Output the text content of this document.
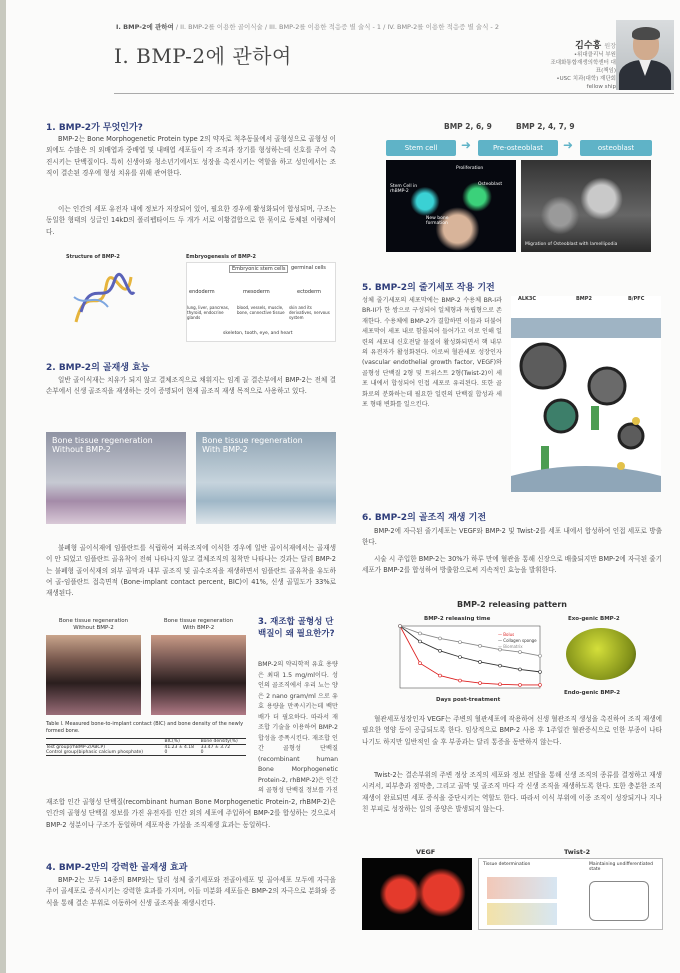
I. BMP-2에 관하여 / II. BMP-2를 이용한 골이식술 / III. BMP-2를 이용한 적응증 별 술식 - 1 / IV. BMP-2를 이용한 적응증 별 술식 - 2
I. BMP-2에 관하여	김수홍 원장
•위대클리닉 부원
조대화통합재생의학센터 대표(책임)
•USC 치과(대학) 재단회 fellow ship
1. BMP-2가 무엇인가?
BMP-2는 Bone Morphogenetic Protein type 2의 약자로 척추동물에서 골형성으로 골형성 이외에도 수많은 의 외배엽과 중배엽 및 내배엽 세포들이 각 조직과 장기를 형성하는데 신호를 주어 촉진시키는 단백질이다. 특히 신생아와 청소년기에서도 성장을 촉진시키는 역할을 하고 성인에서는 조직이 결손된 경우에 형성 치유를 위해 관여한다.
이는 인간의 세포 유전자 내에 정보가 저장되어 있어, 필요한 경우에 활성화되어 합성되며, 구조는 동일한 형태의 싱글인 14kD의 폴리펩타이드 두 개가 서로 이황결합으로 한 묶이로 동체된 이량체이다.
Structure of BMP-2	Embryogenesis of BMP-2
Embryonic stem cells	germinal cells
endoderm	mesoderm	ectoderm
lung, liver, pancreas, thyroid, endocrine glands
blood, vessels, muscle, bone, connective tissue
skin and its derivatives, nervous system
skeleton, tooth, eye, and heart
2. BMP-2의 골재생 효능
일반 골이식재는 치유가 되지 않고 결체조직으로 채워지는 임계 골 결손부에서 BMP-2는 전체 결손부에서 신생 골조직을 재생하는 것이 증명되어 현재 골조직 재생 목적으로 사용하고 있다.
Bone tissue regeneration
Without BMP-2
Bone tissue regeneration
With BMP-2
불폐형 골이식재에 임플란트를 식립하여 피하조직에 이식한 경우에 일반 골이식재에서는 골재생이 안 되었고 임플란트 골유착이 전혀 나타나지 않고 결체조직의 침착만 나타나는 것과는 달리 BMP-2는 불폐형 골이식재의 외부 골막과 내부 골조직 및 골수조직을 재생하면서 임플란트 골유착을 유도하여 골-임플란트 접촉면적 (Bone-implant contact percent, BIC)이 41%, 신생 골밀도가 33%로 재생된다.
Bone tissue regeneration
Without BMP-2
Bone tissue regeneration
With BMP-2
Table I. Measured bone-to-implant contact (BIC) and bone density of the newly formed bone.
	BIC(%)	Bone density(%)
Test group(rhBMP-2/ABCP)	41.23 ± 4.18	33.47 ± 3.72
Control group(biphasic calcium phosphate)	0	0
3. 재조합 골형성 단백질이 왜 필요한가?
BMP-2의 약리학적 유효 용량은 최대 1.5 mg/ml이다. 성인의 골조직에서 우리 뇨는 양은 2 nano gram/ml 으로 유효 용량을 만족시키는데 백만 배가 더 필요하다. 따라서 재조합 기술을 이용하여 BMP-2 합성을 증폭시킨다. 재조합 인간 골형성 단백질(recombinant human Bone Morphogenetic Protein-2, rhBMP-2)은 인간의 골형성 단백질 정보를 가진
재조합 인간 골형성 단백질(recombinant human Bone Morphogenetic Protein-2, rhBMP-2)은 인간의 골형성 단백질 정보를 가진 유전자를 인간 외의 세포에 주입하여 BMP-2를 합성하는 것으로서 BMP-2 성분이나 구조가 동일하며 세포작용 가설을 조직재생 효과는 동일하다.
4. BMP-2만의 강력한 골재생 효과
BMP-2는 모두 14종의 BMP와는 달리 성체 줄기세포와 전골아세포 및 골아세포 모두에 자극을 주어 골세포로 증식시키는 강력한 효과를 가지며, 이들 미분화 세포들은 BMP-2의 자극으로 분화와 증식을 통해 결손 부위로 이동하여 신생 골조직을 재생시킨다.
BMP 2, 6, 9	BMP 2, 4, 7, 9
Stem cell	➜	Pre-osteoblast	➜	osteoblast
Proliferation
Stem Cell in rhBMP-2
Osteoblast
New bone formation
Migration of Osteoblast with lamellipodia
5. BMP-2의 줄기세포 작용 기전
성체 줄기세포의 세포막에는 BMP-2 수용체 BR-I과 BR-II가 한 쌍으로 구성되어 일체형과 독립형으로 존재한다. 수용체에 BMP-2가 결합하면 이들과 더불어 세포막이 세포 내로 함몰되어 들어가고 이로 인해 일련의 세포내 신호전달 물질이 활성화되면서 핵 내부의 유전자가 활성화된다. 이로써 혈관세포 성장인자(vascular endothelial growth factor, VEGF)와 골형성 단백질 2형 및 트위스트 2형(Twist-2)이 세포 내에서 합성되어 인접 세포로 유리된다. 또한 골화로의 분화하는데 필요한 일련의 단백질 합성과 세포 형태 변화를 일으킨다.
ALK3C	BMP2	B/PFC
6. BMP-2의 골조직 재생 기전
BMP-2에 자극된 줄기세포는 VEGF와 BMP-2 및 Twist-2를 세포 내에서 합성하여 인접 세포로 방출한다.
시술 시 주입한 BMP-2는 30%가 하루 만에 혈관을 통해 신장으로 배출되지만 BMP-2에 자극된 줄기세포가 BMP-2를 합성하여 방출함으로써 지속적인 효능을 발휘한다.
BMP-2 releasing pattern
— Bolus
— Collagen sponge
— Biomatrix
BMP-2 releasing time
Days post-treatment
Exo-genic BMP-2
Endo-genic BMP-2
혈관세포성장인자 VEGF는 주변의 혈관세포에 작용하여 신생 혈관조직 생성을 촉진하여 조직 재생에 필요한 영양 등이 공급되도록 한다. 임상적으로 BMP-2 사용 후 1주일간 혈관증식으로 인한 부종이 나타나기도 하지만 일반적인 술 후 부종과는 달리 통증을 동반하지 않는다.
Twist-2는 결손부위의 주변 정상 조직의 세포와 정보 전달을 통해 신생 조직의 종류를 결정하고 재생시켜서, 피부층과 점막층, 그리고 골막 및 골조직 마다 각 신생 조직을 재생하도록 한다. 또한 충분한 조직재생이 완료되면 세포 증식을 중단시키는 역할도 한다. 따라서 이식 부위에 이종 조직이 성장되거나 지나친 부피로 성장하는 일의 종양은 발생되지 않는다.
VEGF	Twist-2
Tissue determination	Maintaining undifferentiated state
